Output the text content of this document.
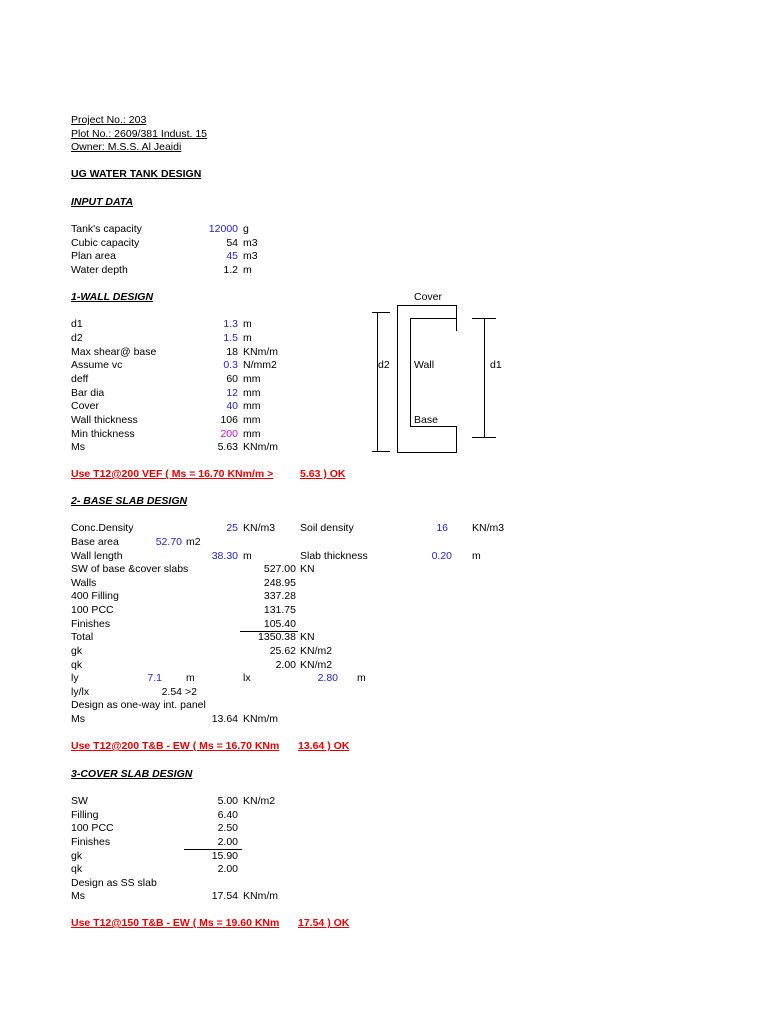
Project No.: 203
Plot No.: 2609/381 Indust. 15
Owner: M.S.S. Al Jeaidi
UG WATER TANK DESIGN
INPUT DATA
Tank's capacity	12000 g
Cubic capacity	54 m3
Plan area	45 m3
Water depth	1.2 m
1-WALL DESIGN
d1	1.3 m
d2	1.5 m
Max shear@ base	18 KNm/m
Assume vc	0.3 N/mm2
deff	60 mm
Bar dia	12 mm
Cover	40 mm
Wall thickness	106 mm
Min thickness	200 mm
Ms	5.63 KNm/m
Use T12@200 VEF ( Ms = 16.70 KNm/m >	5.63 ) OK
Cover
d2 Wall	d1
Base
2- BASE SLAB DESIGN
Conc.Density	25 KN/m3 Soil density	16 KN/m3
Base area	52.70 m2
Wall length	38.30 m	Slab thickness	0.20 m
SW of base &cover slabs	527.00 KN
Walls	248.95
400 Filling	337.28
100 PCC	131.75
Finishes	105.40
Total	1350.38 KN
gk	25.62 KN/m2
qk	2.00 KN/m2
ly	7.1 m	lx	2.80 m
ly/lx	2.54 >2
Design as one-way int. panel
Ms	13.64 KNm/m
Use T12@200 T&B - EW ( Ms = 16.70 KNm 13.64 ) OK
3-COVER SLAB DESIGN
SW	5.00 KN/m2
Filling	6.40
100 PCC	2.50
Finishes	2.00
gk	15.90
qk	2.00
Design as SS slab
Ms	17.54 KNm/m
Use T12@150 T&B - EW ( Ms = 19.60 KNm 17.54 ) OK
